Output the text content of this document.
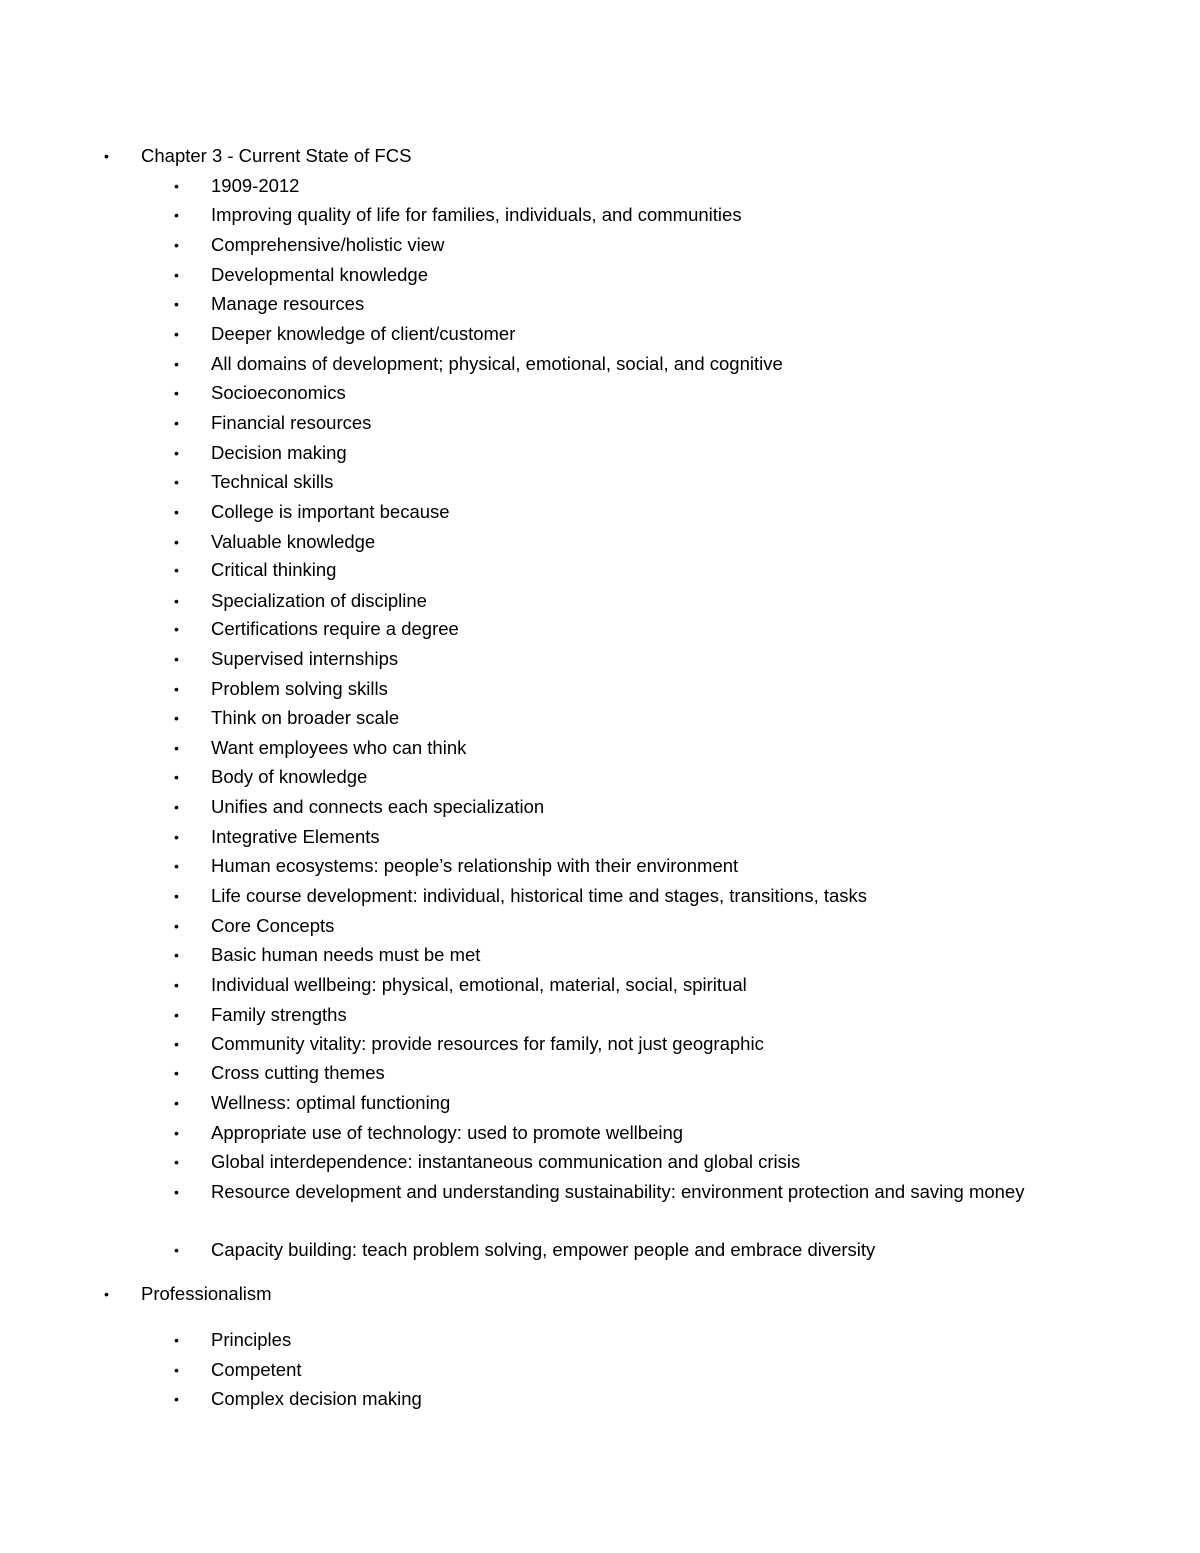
• Chapter 3 - Current State of FCS
• 1909-2012
• Improving quality of life for families, individuals, and communities
• Comprehensive/holistic view
• Developmental knowledge
• Manage resources
• Deeper knowledge of client/customer
• All domains of development; physical, emotional, social, and cognitive
• Socioeconomics
• Financial resources
• Decision making
• Technical skills
• College is important because
• Valuable knowledge
• Critical thinking
• Specialization of discipline
• Certifications require a degree
• Supervised internships
• Problem solving skills
• Think on broader scale
• Want employees who can think
• Body of knowledge
• Unifies and connects each specialization
• Integrative Elements
• Human ecosystems: people’s relationship with their environment
• Life course development: individual, historical time and stages, transitions, tasks
• Core Concepts
• Basic human needs must be met
• Individual wellbeing: physical, emotional, material, social, spiritual
• Family strengths
• Community vitality: provide resources for family, not just geographic
• Cross cutting themes
• Wellness: optimal functioning
• Appropriate use of technology: used to promote wellbeing
• Global interdependence: instantaneous communication and global crisis
• Resource development and understanding sustainability: environment protection and saving money
• Capacity building: teach problem solving, empower people and embrace diversity
• Professionalism
• Principles
• Competent
• Complex decision making
